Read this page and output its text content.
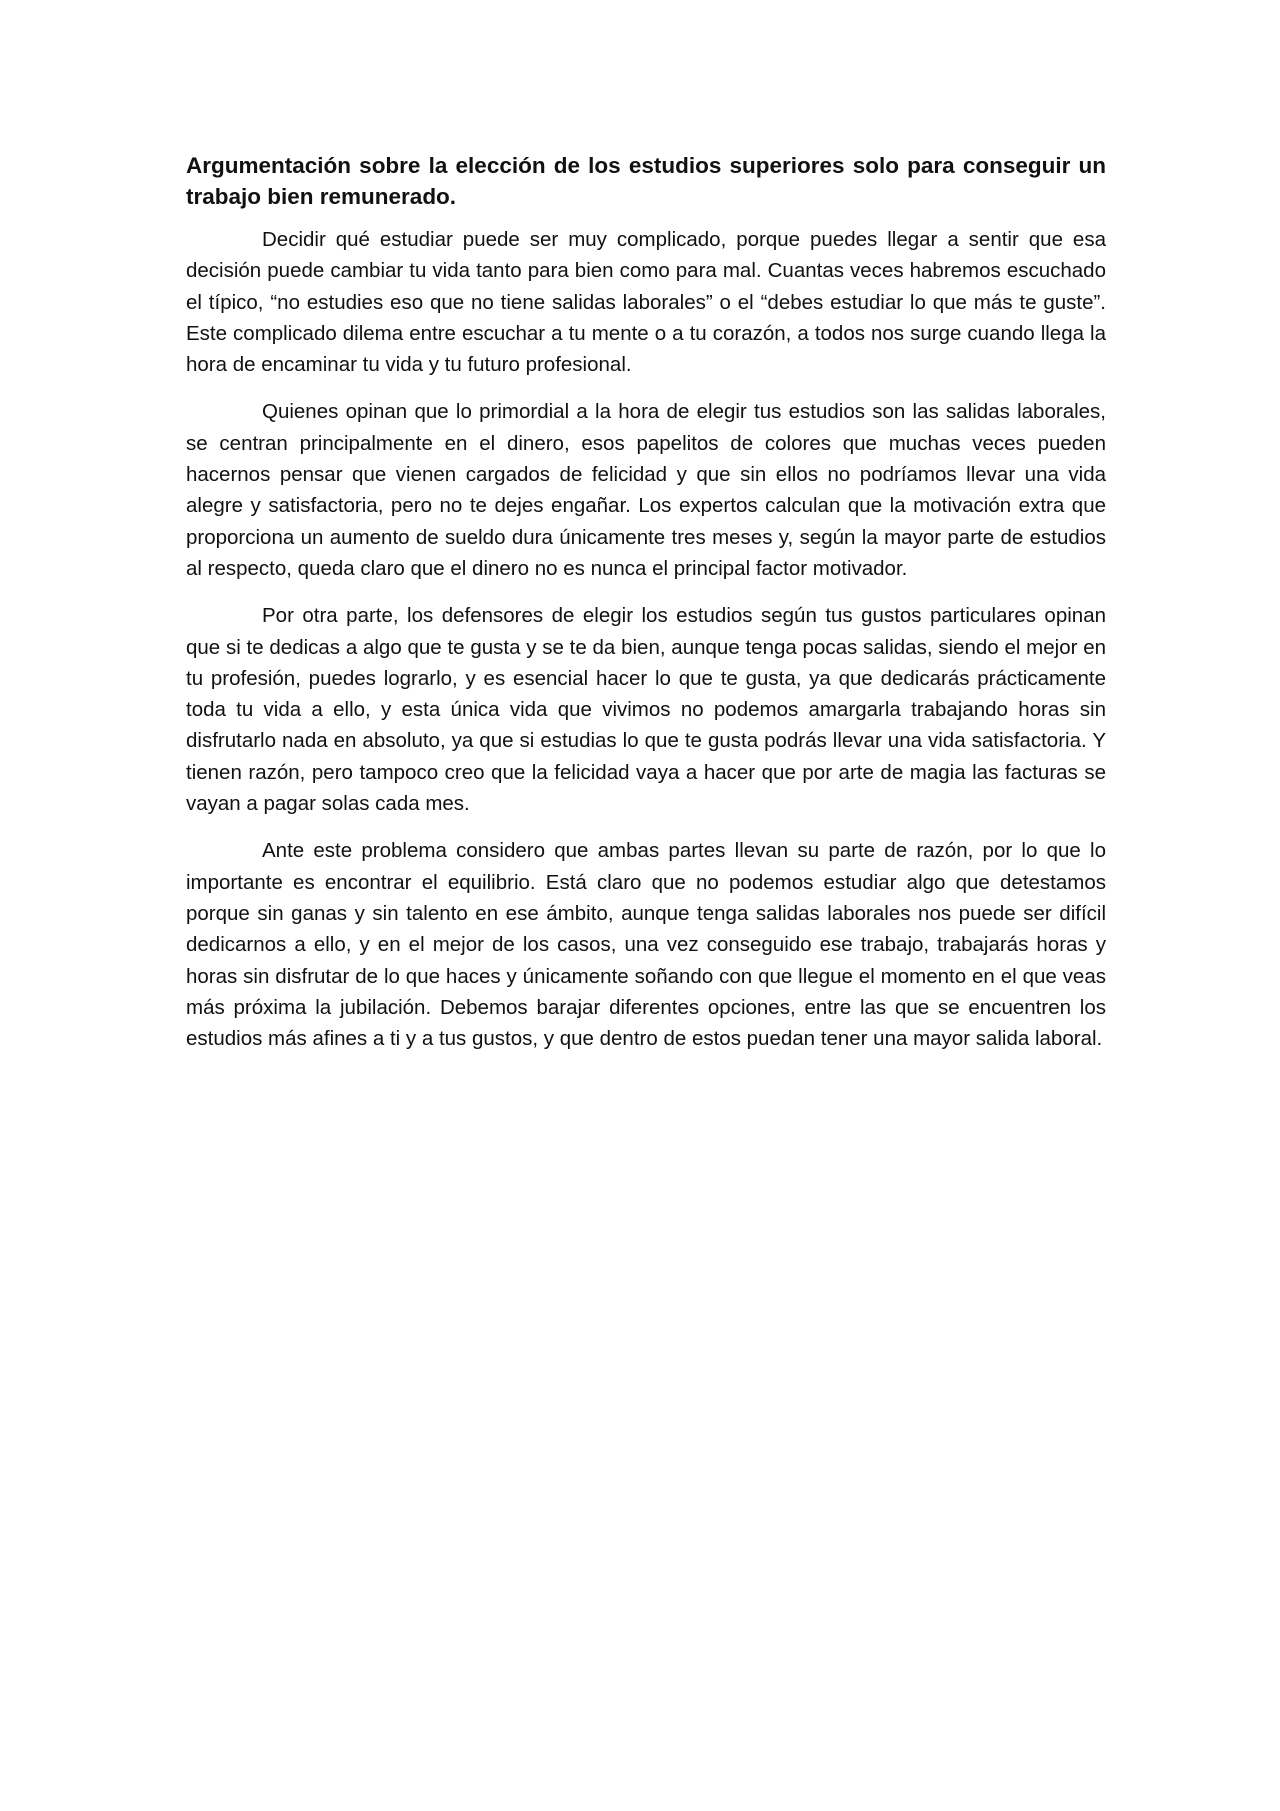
Argumentación sobre la elección de los estudios superiores solo para conseguir un trabajo bien remunerado.

Decidir qué estudiar puede ser muy complicado, porque puedes llegar a sentir que esa decisión puede cambiar tu vida tanto para bien como para mal. Cuantas veces habremos escuchado el típico, “no estudies eso que no tiene salidas laborales” o el “debes estudiar lo que más te guste”. Este complicado dilema entre escuchar a tu mente o a tu corazón, a todos nos surge cuando llega la hora de encaminar tu vida y tu futuro profesional.

Quienes opinan que lo primordial a la hora de elegir tus estudios son las salidas laborales, se centran principalmente en el dinero, esos papelitos de colores que muchas veces pueden hacernos pensar que vienen cargados de felicidad y que sin ellos no podríamos llevar una vida alegre y satisfactoria, pero no te dejes engañar. Los expertos calculan que la motivación extra que proporciona un aumento de sueldo dura únicamente tres meses y, según la mayor parte de estudios al respecto, queda claro que el dinero no es nunca el principal factor motivador.

Por otra parte, los defensores de elegir los estudios según tus gustos particulares opinan que si te dedicas a algo que te gusta y se te da bien, aunque tenga pocas salidas, siendo el mejor en tu profesión, puedes lograrlo, y es esencial hacer lo que te gusta, ya que dedicarás prácticamente toda tu vida a ello, y esta única vida que vivimos no podemos amargarla trabajando horas sin disfrutarlo nada en absoluto, ya que si estudias lo que te gusta podrás llevar una vida satisfactoria. Y tienen razón, pero tampoco creo que la felicidad vaya a hacer que por arte de magia las facturas se vayan a pagar solas cada mes.

Ante este problema considero que ambas partes llevan su parte de razón, por lo que lo importante es encontrar el equilibrio. Está claro que no podemos estudiar algo que detestamos porque sin ganas y sin talento en ese ámbito, aunque tenga salidas laborales nos puede ser difícil dedicarnos a ello, y en el mejor de los casos, una vez conseguido ese trabajo, trabajarás horas y horas sin disfrutar de lo que haces y únicamente soñando con que llegue el momento en el que veas más próxima la jubilación. Debemos barajar diferentes opciones, entre las que se encuentren los estudios más afines a ti y a tus gustos, y que dentro de estos puedan tener una mayor salida laboral.
